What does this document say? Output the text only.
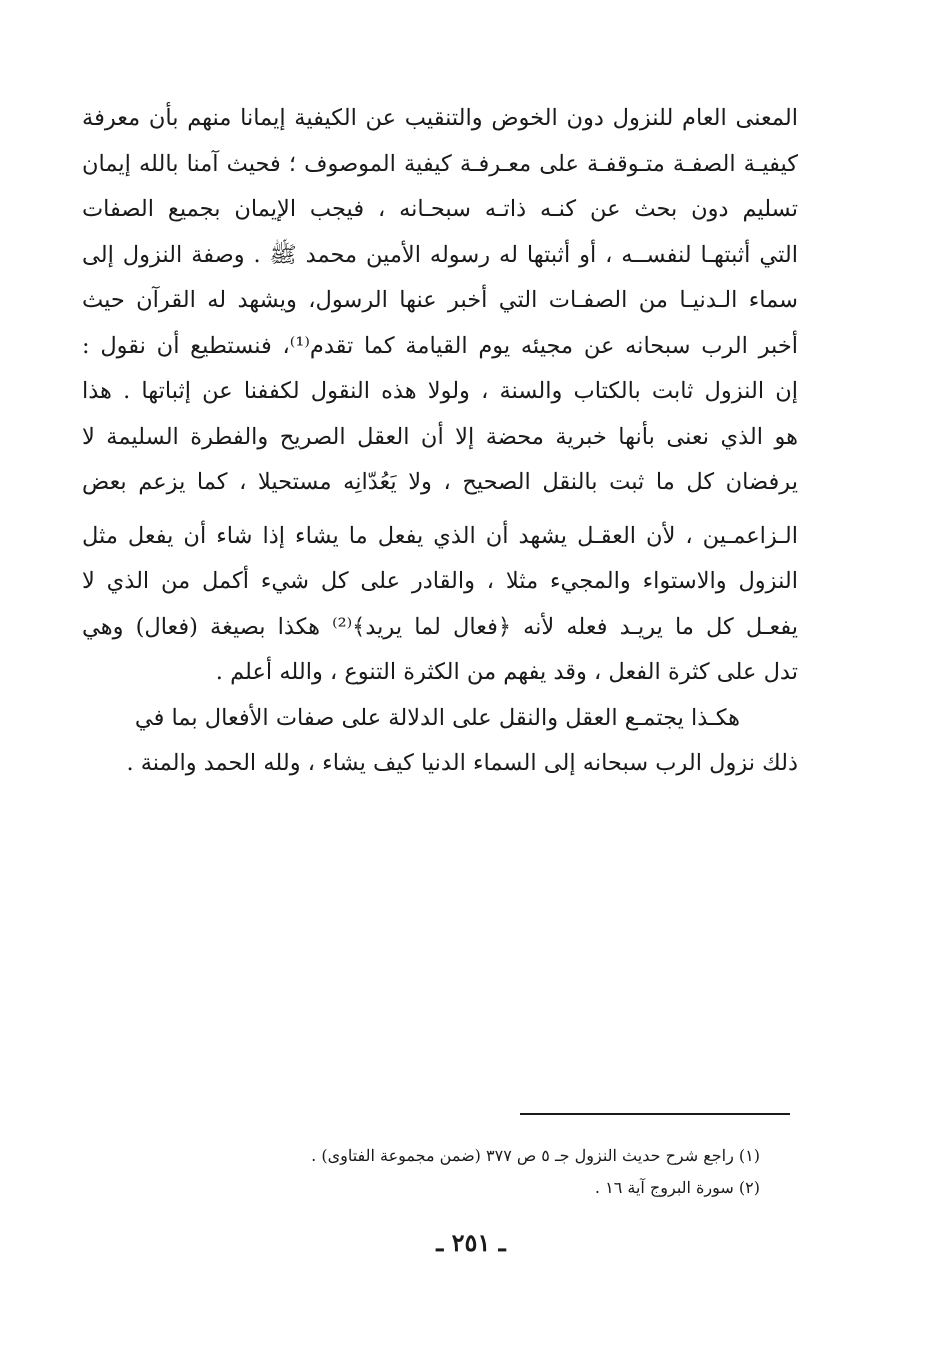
المعنى العام للنزول دون الخوض والتنقيب عن الكيفية إيمانا منهم بأن معرفة
كيفيـة الصفـة متـوقفـة على معـرفـة كيفية الموصوف ؛ فحيث آمنا بالله إيمان
تسليم دون بحث عن كنـه ذاتـه سبحـانه ، فيجب الإيمان بجميع الصفات
التي أثبتهـا لنفســه ، أو أثبتها له رسوله الأمين محمد ﷺ . وصفة النزول إلى
سماء الـدنيـا من الصفـات التي أخبر عنها الرسول، ويشهد له القرآن حيث
أخبر الرب سبحانه عن مجيئه يوم القيامة كما تقدم⁽¹⁾، فنستطيع أن نقول :
إن النزول ثابت بالكتاب والسنة ، ولولا هذه النقول لكففنا عن إثباتها . هذا
هو الذي نعنى بأنها خبرية محضة إلا أن العقل الصريح والفطرة السليمة لا
يرفضان كل ما ثبت بالنقل الصحيح ، ولا يَعُدّانِه مستحيلا ، كما يزعم بعض
الـزاعمـين ، لأن العقـل يشهد أن الذي يفعل ما يشاء إذا شاء أن يفعل مثل
النزول والاستواء والمجيء مثلا ، والقادر على كل شيء أكمل من الذي لا
يفعـل كل ما يريـد فعله لأنه ﴿فعال لما يريد﴾⁽²⁾ هكذا بصيغة (فعال) وهي
تدل على كثرة الفعل ، وقد يفهم من الكثرة التنوع ، والله أعلم .
هكـذا يجتمـع العقل والنقل على الدلالة على صفات الأفعال بما في
ذلك نزول الرب سبحانه إلى السماء الدنيا كيف يشاء ، ولله الحمد والمنة .
(١) راجع شرح حديث النزول جـ ٥ ص ٣٧٧ (ضمن مجموعة الفتاوى) .
(٢) سورة البروج آية ١٦ .
ـ ٢٥١ ـ
